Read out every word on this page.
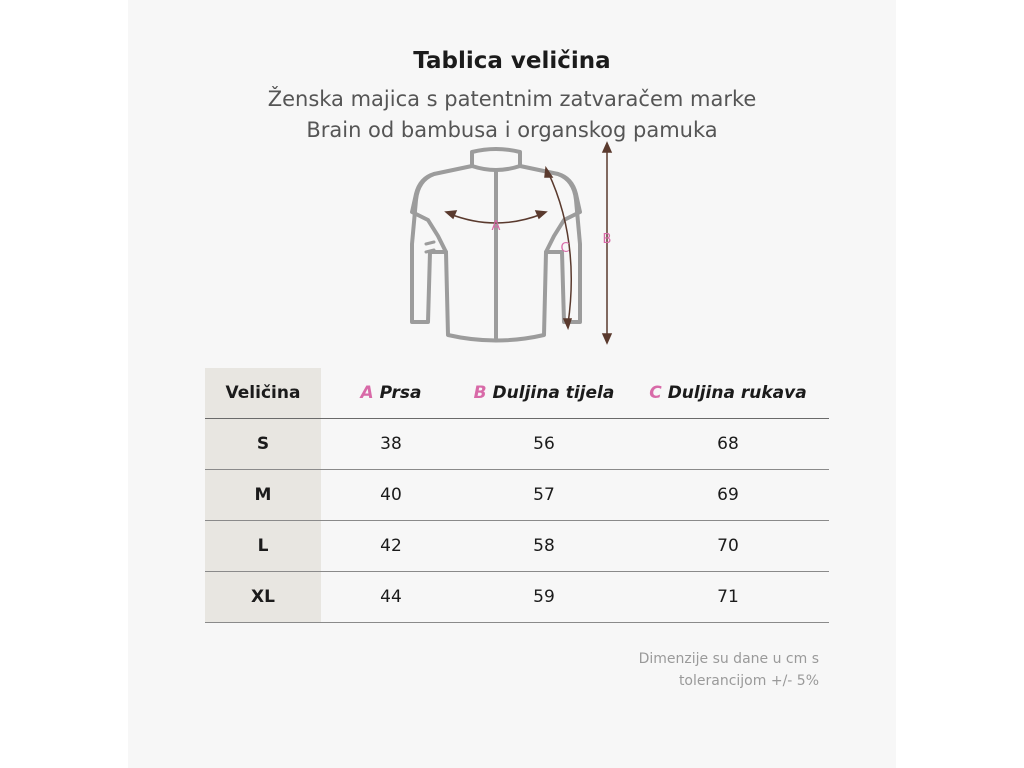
Tablica veličina
Ženska majica s patentnim zatvaračem marke
Brain od bambusa i organskog pamuka
A
C
B
Veličina	A Prsa	B Duljina tijela	C Duljina rukava
S	38	56	68
M	40	57	69
L	42	58	70
XL	44	59	71
Dimenzije su dane u cm s
tolerancijom +/- 5%
